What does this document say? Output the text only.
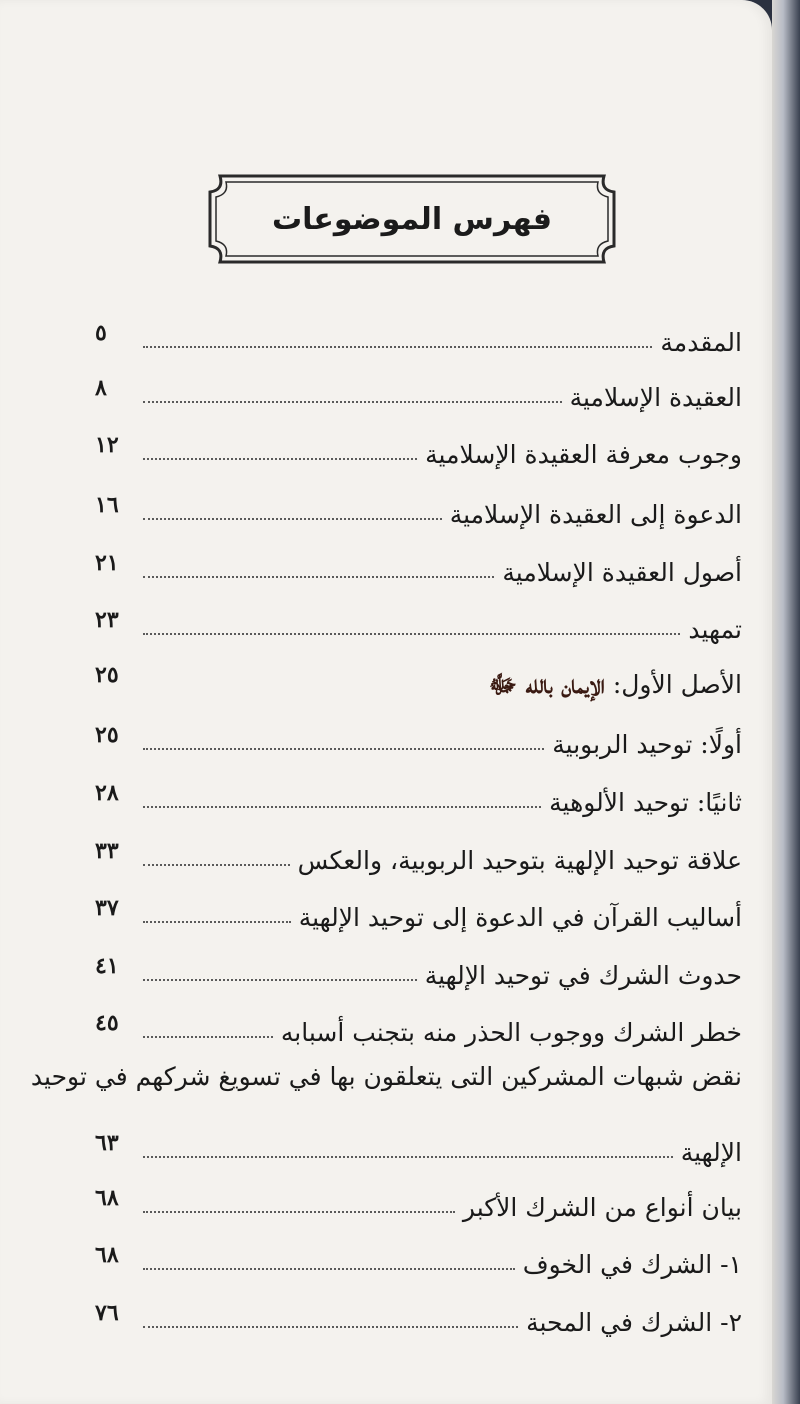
فهرس الموضوعات
المقدمة
٥
العقيدة الإسلامية
٨
وجوب معرفة العقيدة الإسلامية
١٢
الدعوة إلى العقيدة الإسلامية
١٦
أصول العقيدة الإسلامية
٢١
تمهيد
٢٣
الأصل الأول: الإيمان بالله ﷻ
٢٥
أولًا: توحيد الربوبية
٢٥
ثانيًا: توحيد الألوهية
٢٨
علاقة توحيد الإلهية بتوحيد الربوبية، والعكس
٣٣
أساليب القرآن في الدعوة إلى توحيد الإلهية
٣٧
حدوث الشرك في توحيد الإلهية
٤١
خطر الشرك ووجوب الحذر منه بتجنب أسبابه
٤٥
نقض شبهات المشركين التى يتعلقون بها في تسويغ شركهم في توحيد
الإلهية
٦٣
بيان أنواع من الشرك الأكبر
٦٨
١- الشرك في الخوف
٦٨
٢- الشرك في المحبة
٧٦
